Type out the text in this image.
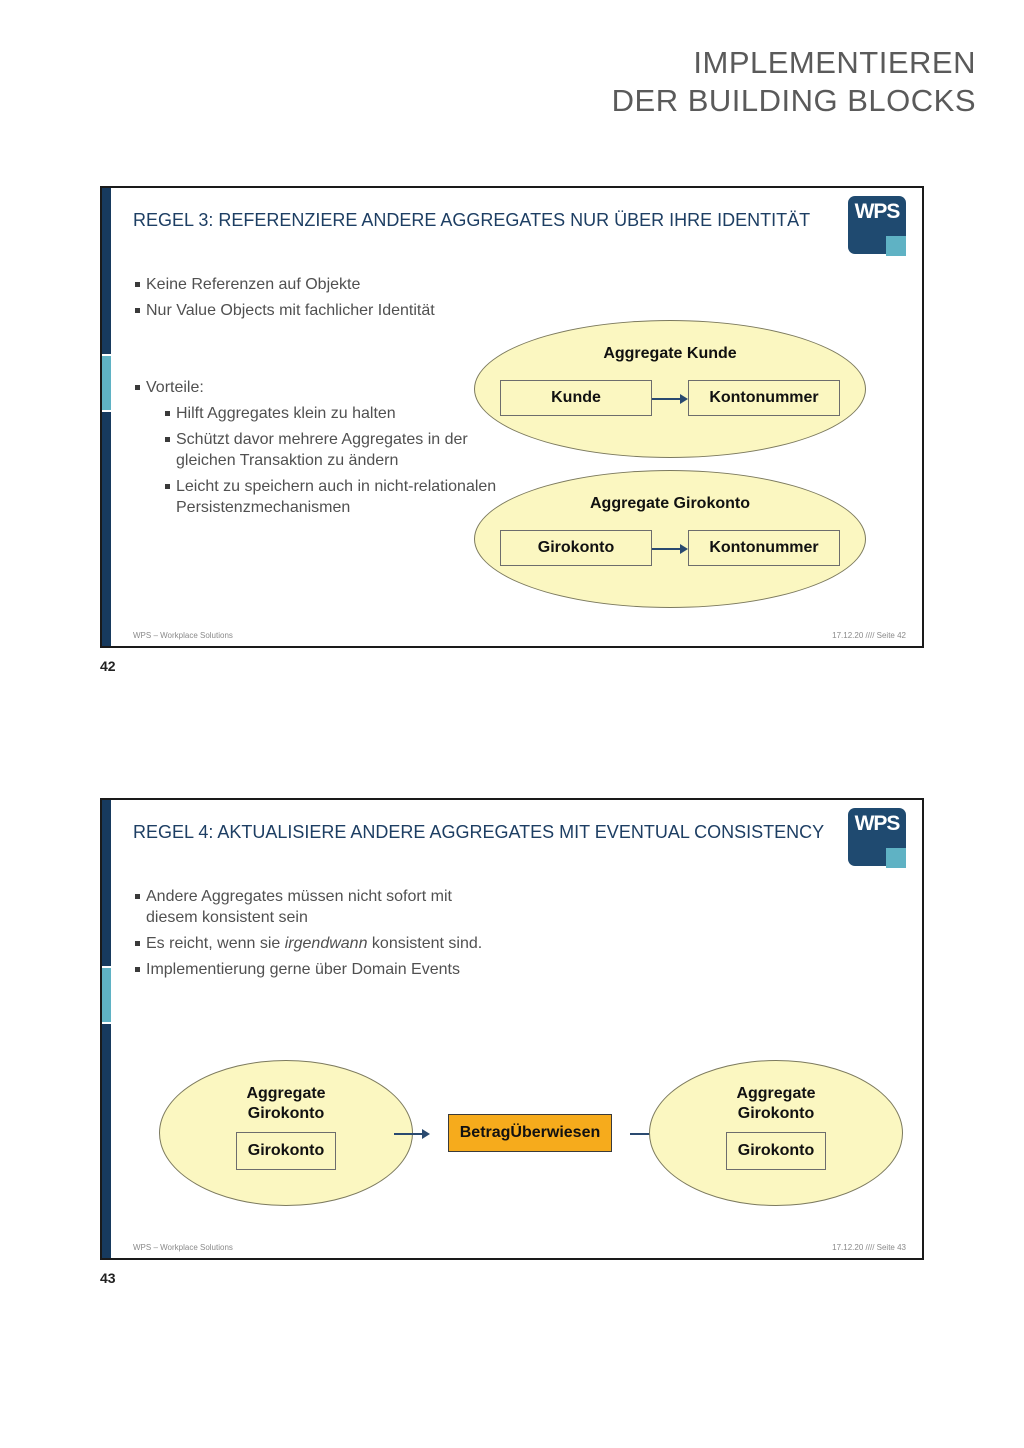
IMPLEMENTIEREN
DER BUILDING BLOCKS
REGEL 3: REFERENZIERE ANDERE AGGREGATES NUR ÜBER IHRE IDENTITÄT WPS
Keine Referenzen auf Objekte
Nur Value Objects mit fachlicher Identität
Vorteile:
Hilft Aggregates klein zu halten
Schützt davor mehrere Aggregates in der gleichen Transaktion zu ändern
Leicht zu speichern auch in nicht-relationalen Persistenzmechanismen
Aggregate Kunde
Kunde	Kontonummer
Aggregate Girokonto
Girokonto	Kontonummer
WPS – Workplace Solutions	17.12.20 //// Seite 42
42
REGEL 4: AKTUALISIERE ANDERE AGGREGATES MIT EVENTUAL CONSISTENCY WPS
Andere Aggregates müssen nicht sofort mit diesem konsistent sein
Es reicht, wenn sie irgendwann konsistent sind.
Implementierung gerne über Domain Events
Aggregate Girokonto
Girokonto
BetragÜberwiesen
Aggregate Girokonto
Girokonto
WPS – Workplace Solutions	17.12.20 //// Seite 43
43
